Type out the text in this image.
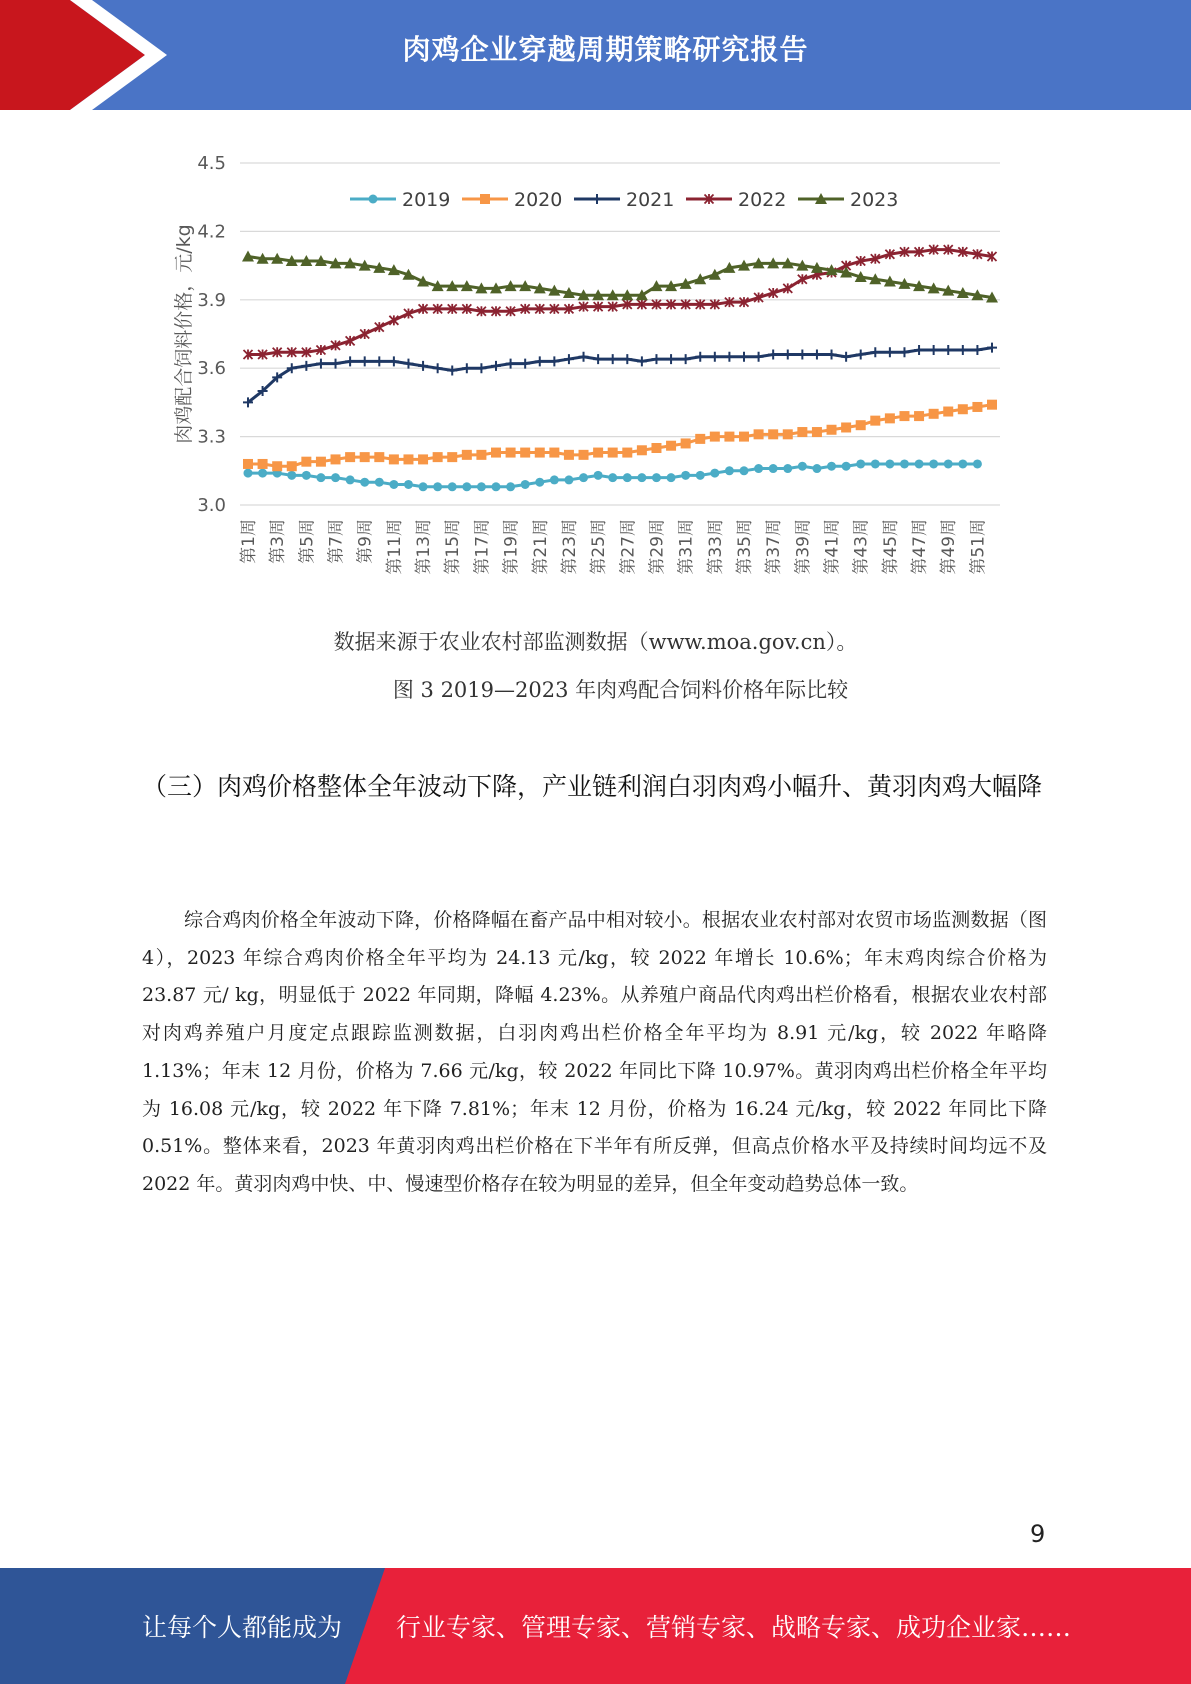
肉鸡企业穿越周期策略研究报告
3.0
3.3
3.6
3.9
4.2
4.5
肉鸡配合饲料价格，元/kg
第1周 第3周 第5周 第7周 第9周 第11周 第13周 第15周 第17周 第19周 第21周 第23周 第25周 第27周 第29周 第31周 第33周 第35周 第37周 第39周 第41周 第43周 第45周 第47周 第49周 第51周
2019	2020	2021	2022	2023
数据来源于农业农村部监测数据（www.moa.gov.cn）。
图 3 2019—2023 年肉鸡配合饲料价格年际比较
（三）肉鸡价格整体全年波动下降，产业链利润白羽肉鸡小幅升、黄羽肉鸡大幅降

综合鸡肉价格全年波动下降，价格降幅在畜产品中相对较小。根据农业农村部对农贸市场监测数据（图 4），2023 年综合鸡肉价格全年平均为 24.13 元/kg，较 2022 年增长 10.6%；年末鸡肉综合价格为 23.87 元/ kg，明显低于 2022 年同期，降幅 4.23%。从养殖户商品代肉鸡出栏价格看，根据农业农村部对肉鸡养殖户月度定点跟踪监测数据，白羽肉鸡出栏价格全年平均为 8.91 元/kg，较 2022 年略降 1.13%；年末 12 月份，价格为 7.66 元/kg，较 2022 年同比下降 10.97%。黄羽肉鸡出栏价格全年平均为 16.08 元/kg，较 2022 年下降 7.81%；年末 12 月份，价格为 16.24 元/kg，较 2022 年同比下降 0.51%。整体来看，2023 年黄羽肉鸡出栏价格在下半年有所反弹，但高点价格水平及持续时间均远不及 2022 年。黄羽肉鸡中快、中、慢速型价格存在较为明显的差异，但全年变动趋势总体一致。

9
让每个人都能成为 行业专家、管理专家、营销专家、战略专家、成功企业家……
